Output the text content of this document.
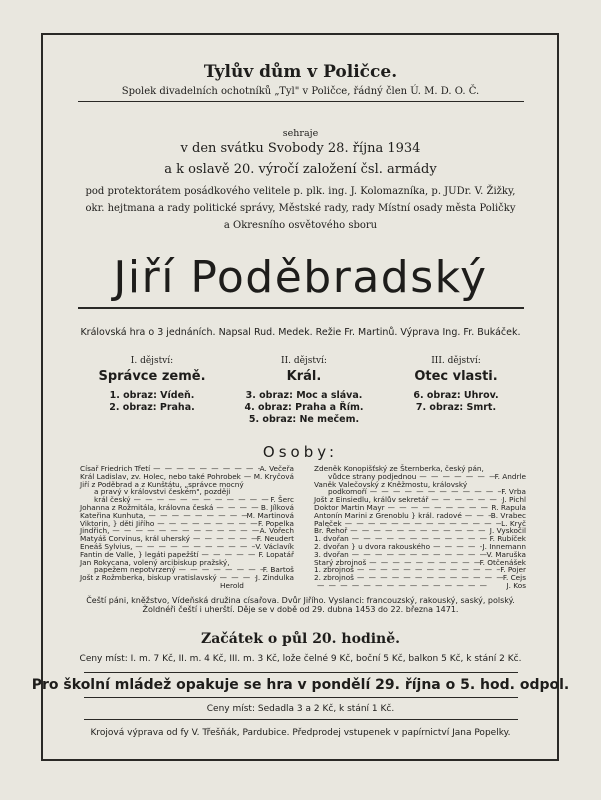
Tylův dům v Poličce.
Spolek divadelních ochotníků „Tyl" v Poličce, řádný člen Ú. M. D. O. Č.
sehraje
v den svátku Svobody 28. října 1934
a k oslavě 20. výročí založení čsl. armády
pod protektorátem posádkového velitele p. plk. ing. J. Kolomazníka, p. JUDr. V. Žižky,
okr. hejtmana a rady politické správy, Městské rady, rady Místní osady města Poličky
a Okresního osvětového sboru
Jiří Poděbradský
Královská hra o 3 jednáních. Napsal Rud. Medek. Režie Fr. Martinů. Výprava Ing. Fr. Bukáček.
I. dějství:
Správce země.
1. obraz: Vídeň.
2. obraz: Praha.
II. dějství:
Král.
3. obraz: Moc a sláva.
4. obraz: Praha a Řím.
5. obraz: Ne mečem.
III. dějství:
Otec vlasti.
6. obraz: Uhrov.
7. obraz: Smrt.
Osoby:
Císař Friedrich Třetí — — —	A. Večeřa
Král Ladislav, zv. Holec, nebo také Pohrobek — — — M. Kryčová
Jiří z Poděbrad a z Kunštátu, „správce mocný
a pravý v královstvi českém", později
král český — — —	F. Šerc
Johanna z Rožmitála, královna česká — — —	B. Jílková
Kateřina Kunhuta, — — —	M. Martinová
Viktorin, } děti Jiřího — — —	F. Popelka
Jindřich, — — —	A. Vořech
Matyáš Corvinus, král uherský — — —	F. Neudert
Eneáš Sylvius, — — —	V. Václavík
Fantin de Valle, } legáti papežští — — —	F. Lopatář
Jan Rokycana, volený arcibiskup pražský,
papežem nepotvrzený — — —	F. Bartoš
Jošt z Rožmberka, biskup vratislavský — — —	J. Zindulka
Herold
Zdeněk Konopišťský ze Šternberka, český pán,
vůdce strany podjednou — — —	F. Andrle
Vaněk Valečovský z Kněžmostu, královský
podkomoří — — —	F. Vrba
Jošt z Einsiedlu, králův sekretář — — —	J. Pichl
Doktor Martin Mayr — — —	R. Rapula
Antonín Marini z Grenoblu } král. radové — — —	B. Vrabec
Paleček — — —	L. Kryč
Br. Řehoř — — —	J. Vyskočil
1. dvořan — — —	F. Rubíček
2. dvořan } u dvora rakouského — — —	J. Innemann
3. dvořan — — —	V. Maruška
Starý zbrojnoš — — —	F. Otčenášek
1. zbrojnoš — — —	F. Pojer
2. zbrojnoš — — —	F. Cejs
— — —
J. Kos
Čeští páni, kněžstvo, Vídeňská družina císařova. Dvůr Jiřího. Vyslanci: francouzský, rakouský, saský, polský.
Žoldnéři čeští i uherští. Děje se v době od 29. dubna 1453 do 22. března 1471.
Začátek o půl 20. hodině.
Ceny míst: I. m. 7 Kč, II. m. 4 Kč, III. m. 3 Kč, lože čelné 9 Kč, boční 5 Kč, balkon 5 Kč, k stání 2 Kč.
Pro školní mládež opakuje se hra v pondělí 29. října o 5. hod. odpol.
Ceny míst: Sedadla 3 a 2 Kč, k stání 1 Kč.
Krojová výprava od fy V. Třešňák, Pardubice. Předprodej vstupenek v papírnictví Jana Popelky.
